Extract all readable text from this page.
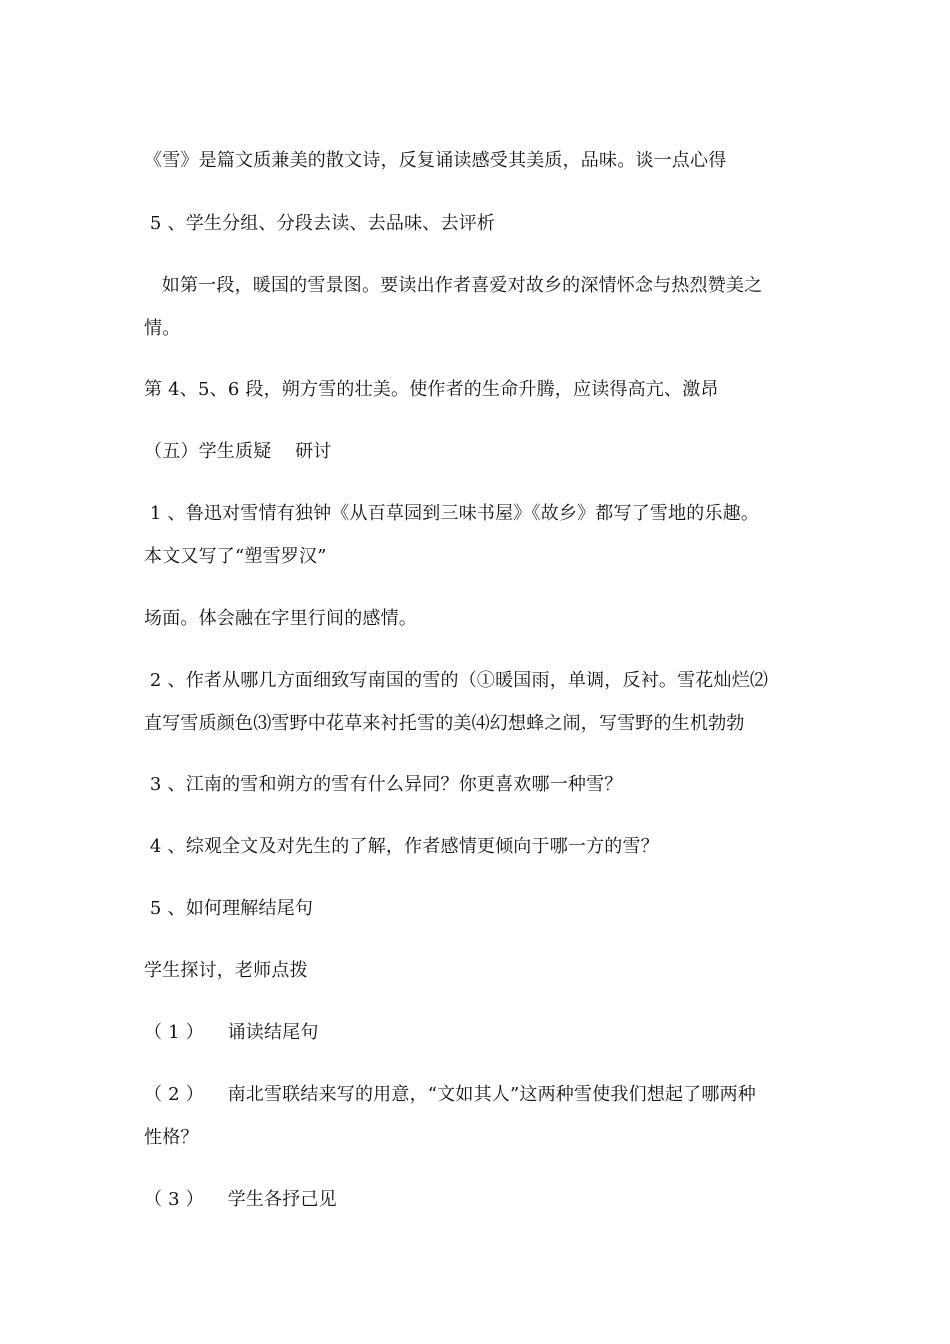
《雪》是篇文质兼美的散文诗，反复诵读感受其美质，品味。谈一点心得
5 、学生分组、分段去读、去品味、去评析
如第一段，暖国的雪景图。要读出作者喜爱对故乡的深情怀念与热烈赞美之
情。
第 4、5、6 段，朔方雪的壮美。使作者的生命升腾，应读得高亢、激昂
（五）学生质疑    研讨
1 、鲁迅对雪情有独钟《从百草园到三味书屋》《故乡》都写了雪地的乐趣。
本文又写了“塑雪罗汉”
场面。体会融在字里行间的感情。
2 、作者从哪几方面细致写南国的雪的（①暖国雨，单调，反衬。雪花灿烂⑵
直写雪质颜色⑶雪野中花草来衬托雪的美⑷幻想蜂之闹，写雪野的生机勃勃
3 、江南的雪和朔方的雪有什么异同？你更喜欢哪一种雪？
4 、综观全文及对先生的了解，作者感情更倾向于哪一方的雪？
5 、如何理解结尾句
学生探讨，老师点拨
（ 1 ）    诵读结尾句
（ 2 ）    南北雪联结来写的用意，“文如其人”这两种雪使我们想起了哪两种
性格？
（ 3 ）    学生各抒己见
